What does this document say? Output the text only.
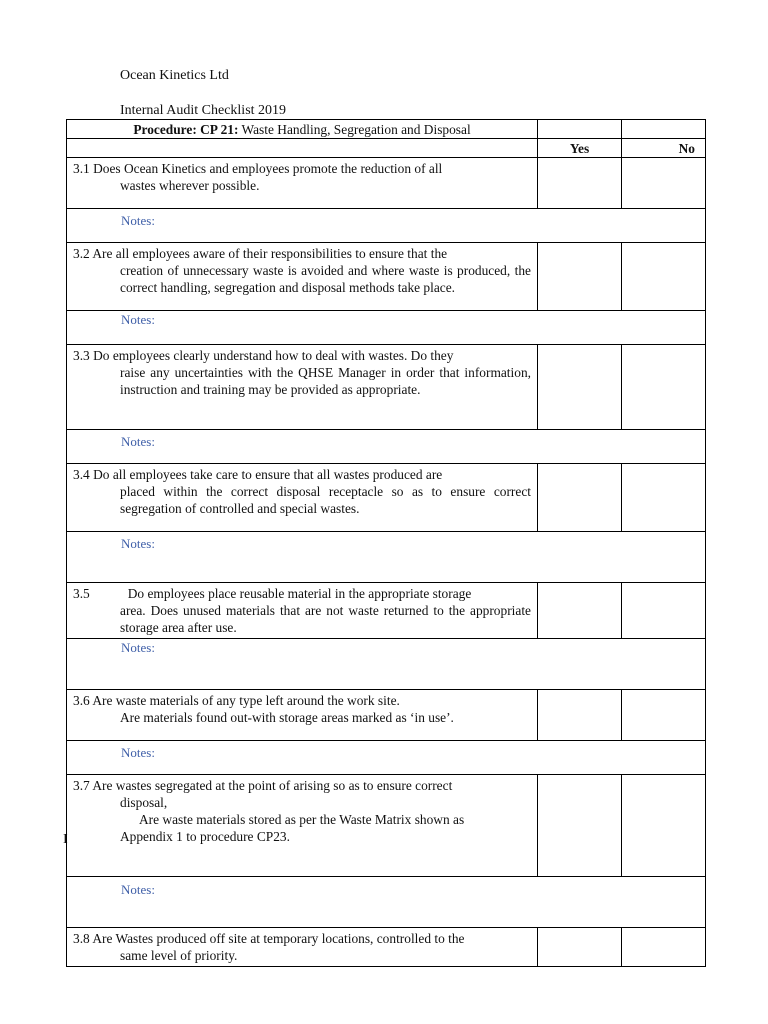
Ocean Kinetics Ltd
Internal Audit Checklist 2019
I
Procedure: CP 21: Waste Handling, Segregation and Disposal		
	Yes	No
3.1 Does Ocean Kinetics and employees promote the reduction of all
wastes wherever possible.		

Notes:		
3.2 Are all employees aware of their responsibilities to ensure that the
creation of unnecessary waste is avoided and where waste is produced, the correct handling, segregation and disposal methods take place.		

Notes:		
3.3 Do employees clearly understand how to deal with wastes. Do they
raise any uncertainties with the QHSE Manager in order that information, instruction and training may be provided as appropriate.		

Notes:		
3.4 Do all employees take care to ensure that all wastes produced are
placed within the correct disposal receptacle so as to ensure correct segregation of controlled and special wastes.		

Notes:		
3.5 Do employees place reusable material in the appropriate storage
area. Does unused materials that are not waste returned to the appropriate storage area after use.		

Notes:		
3.6 Are waste materials of any type left around the work site.
Are materials found out-with storage areas marked as ‘in use’.		

Notes:		
3.7 Are wastes segregated at the point of arising so as to ensure correct
disposal,
Are waste materials stored as per the Waste Matrix shown as
Appendix 1 to procedure CP23.		

Notes:		
3.8 Are Wastes produced off site at temporary locations, controlled to the
same level of priority.		
